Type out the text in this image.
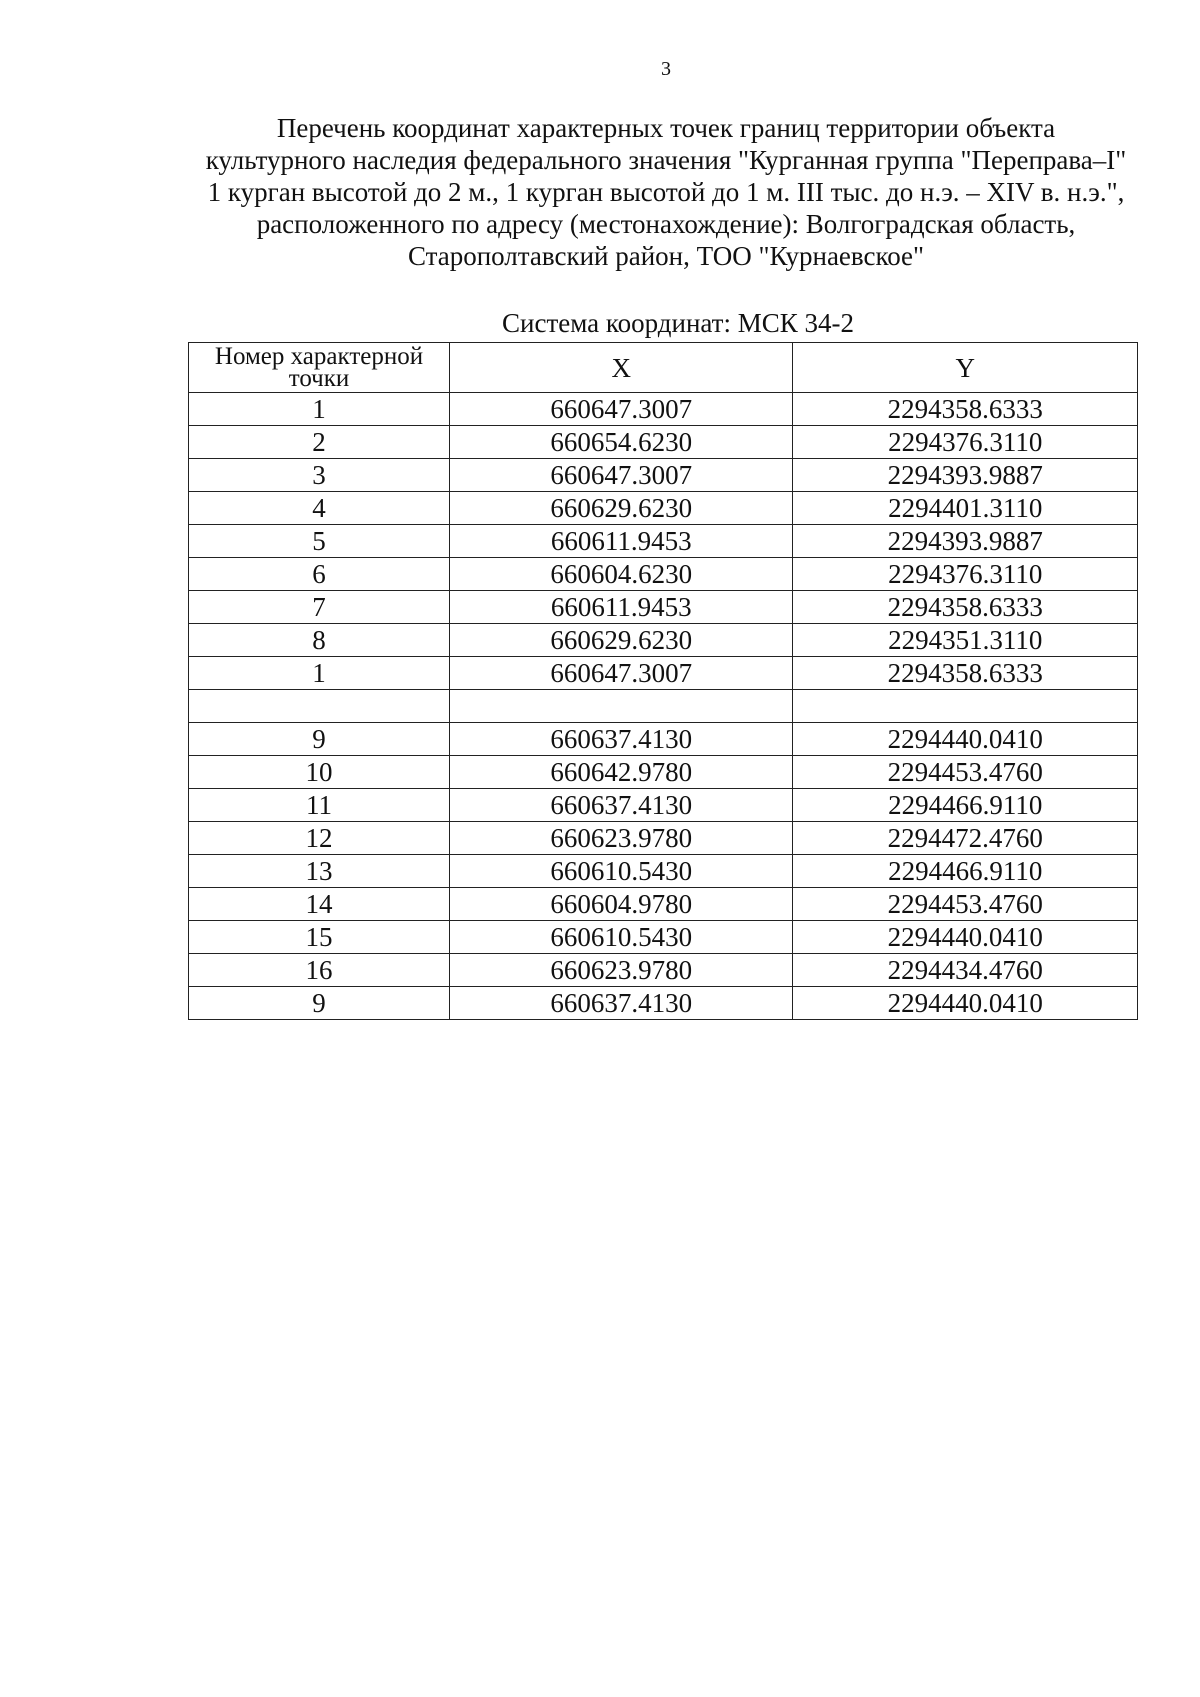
3
Перечень координат характерных точек границ территории объекта
культурного наследия федерального значения "Курганная группа "Переправа–I"
1 курган высотой до 2 м., 1 курган высотой до 1 м. III тыс. до н.э. – XIV в. н.э.",
расположенного по адресу (местонахождение): Волгоградская область,
Старополтавский район, ТОО "Курнаевское"
Система координат: МСК 34-2
Номер характерной точки	X	Y
1	660647.3007	2294358.6333
2	660654.6230	2294376.3110
3	660647.3007	2294393.9887
4	660629.6230	2294401.3110
5	660611.9453	2294393.9887
6	660604.6230	2294376.3110
7	660611.9453	2294358.6333
8	660629.6230	2294351.3110
1	660647.3007	2294358.6333

9	660637.4130	2294440.0410
10	660642.9780	2294453.4760
11	660637.4130	2294466.9110
12	660623.9780	2294472.4760
13	660610.5430	2294466.9110
14	660604.9780	2294453.4760
15	660610.5430	2294440.0410
16	660623.9780	2294434.4760
9	660637.4130	2294440.0410
